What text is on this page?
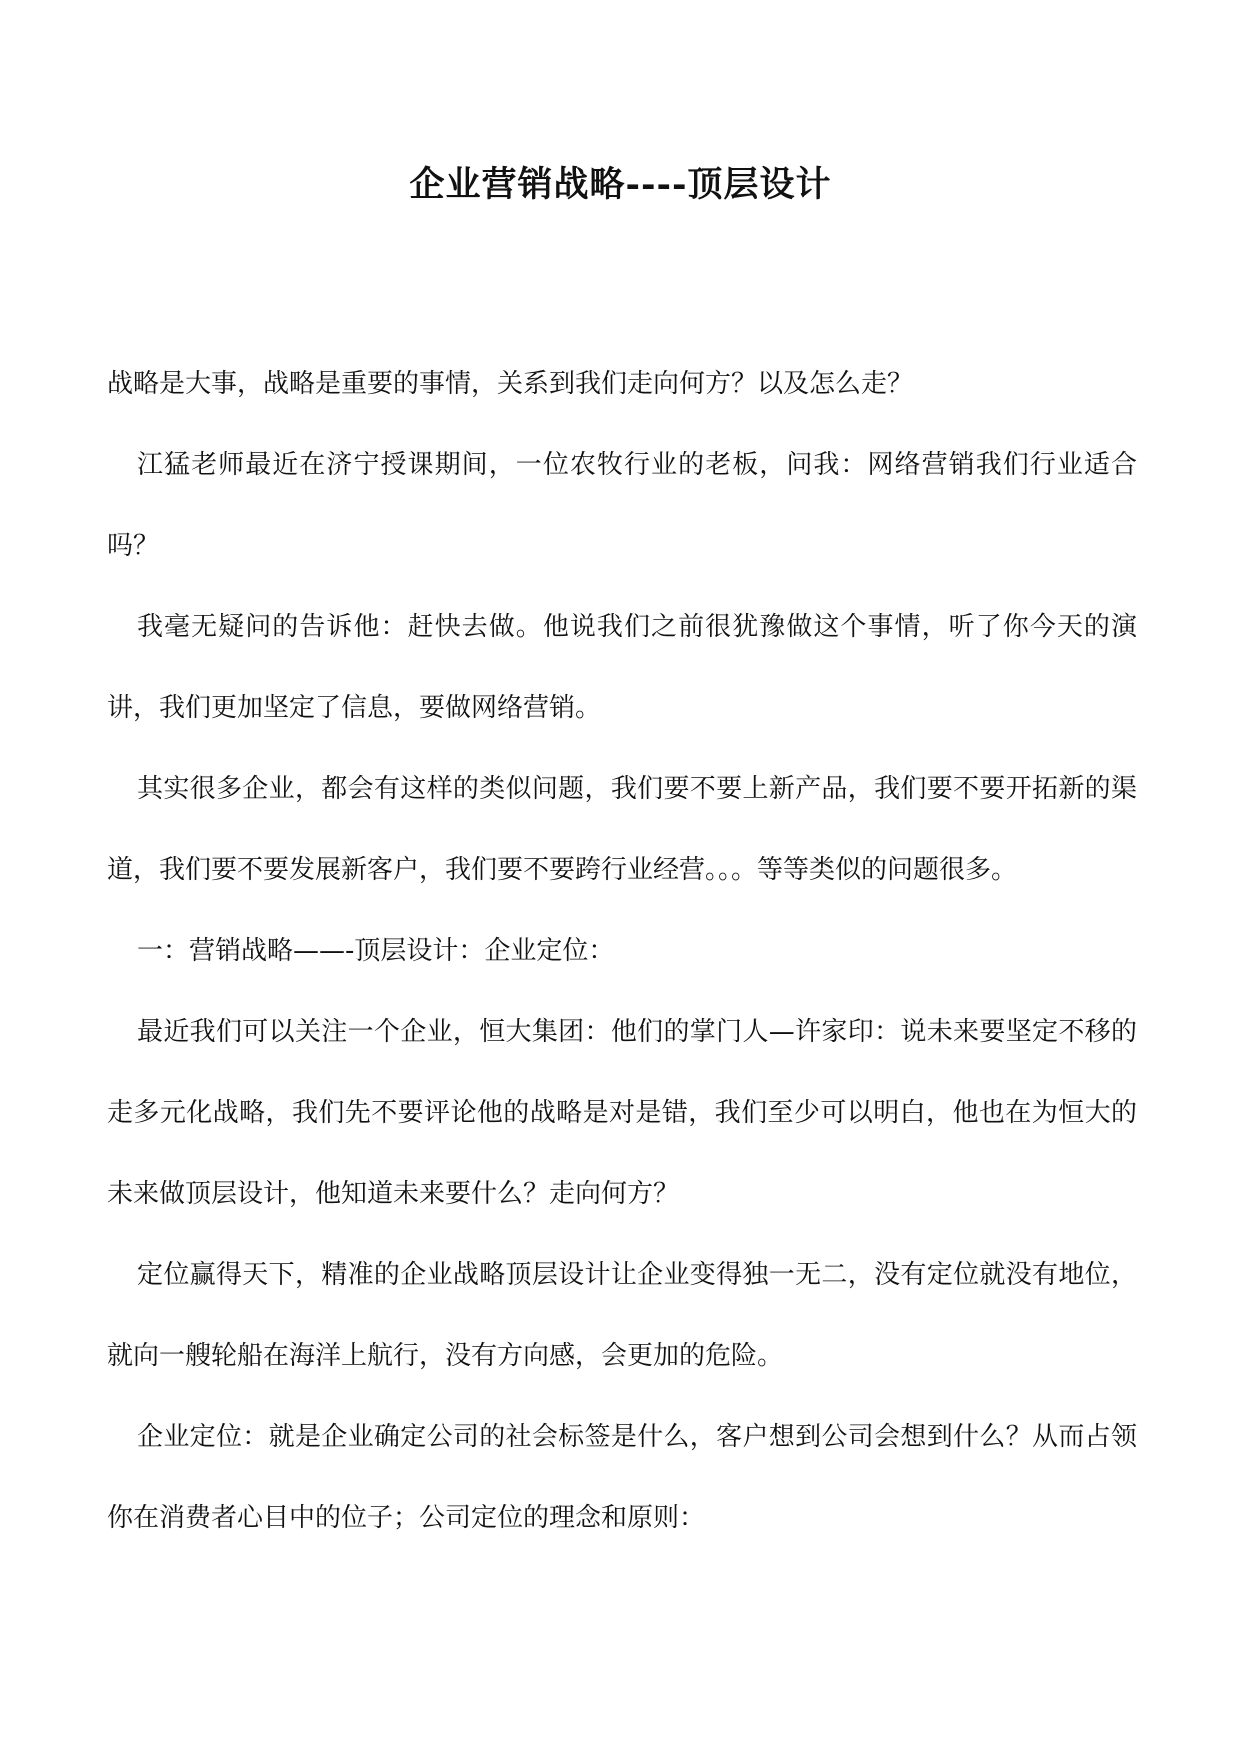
企业营销战略----顶层设计

战略是大事，战略是重要的事情，关系到我们走向何方？以及怎么走？

江猛老师最近在济宁授课期间，一位农牧行业的老板，问我：网络营销我们行业适合吗？

我毫无疑问的告诉他：赶快去做。他说我们之前很犹豫做这个事情，听了你今天的演讲，我们更加坚定了信息，要做网络营销。

其实很多企业，都会有这样的类似问题，我们要不要上新产品，我们要不要开拓新的渠道，我们要不要发展新客户，我们要不要跨行业经营。。。等等类似的问题很多。

一：营销战略——-顶层设计：企业定位：

最近我们可以关注一个企业，恒大集团：他们的掌门人—许家印：说未来要坚定不移的走多元化战略，我们先不要评论他的战略是对是错，我们至少可以明白，他也在为恒大的未来做顶层设计，他知道未来要什么？走向何方？

定位赢得天下，精准的企业战略顶层设计让企业变得独一无二，没有定位就没有地位，就向一艘轮船在海洋上航行，没有方向感，会更加的危险。

企业定位：就是企业确定公司的社会标签是什么，客户想到公司会想到什么？从而占领你在消费者心目中的位子；公司定位的理念和原则：
